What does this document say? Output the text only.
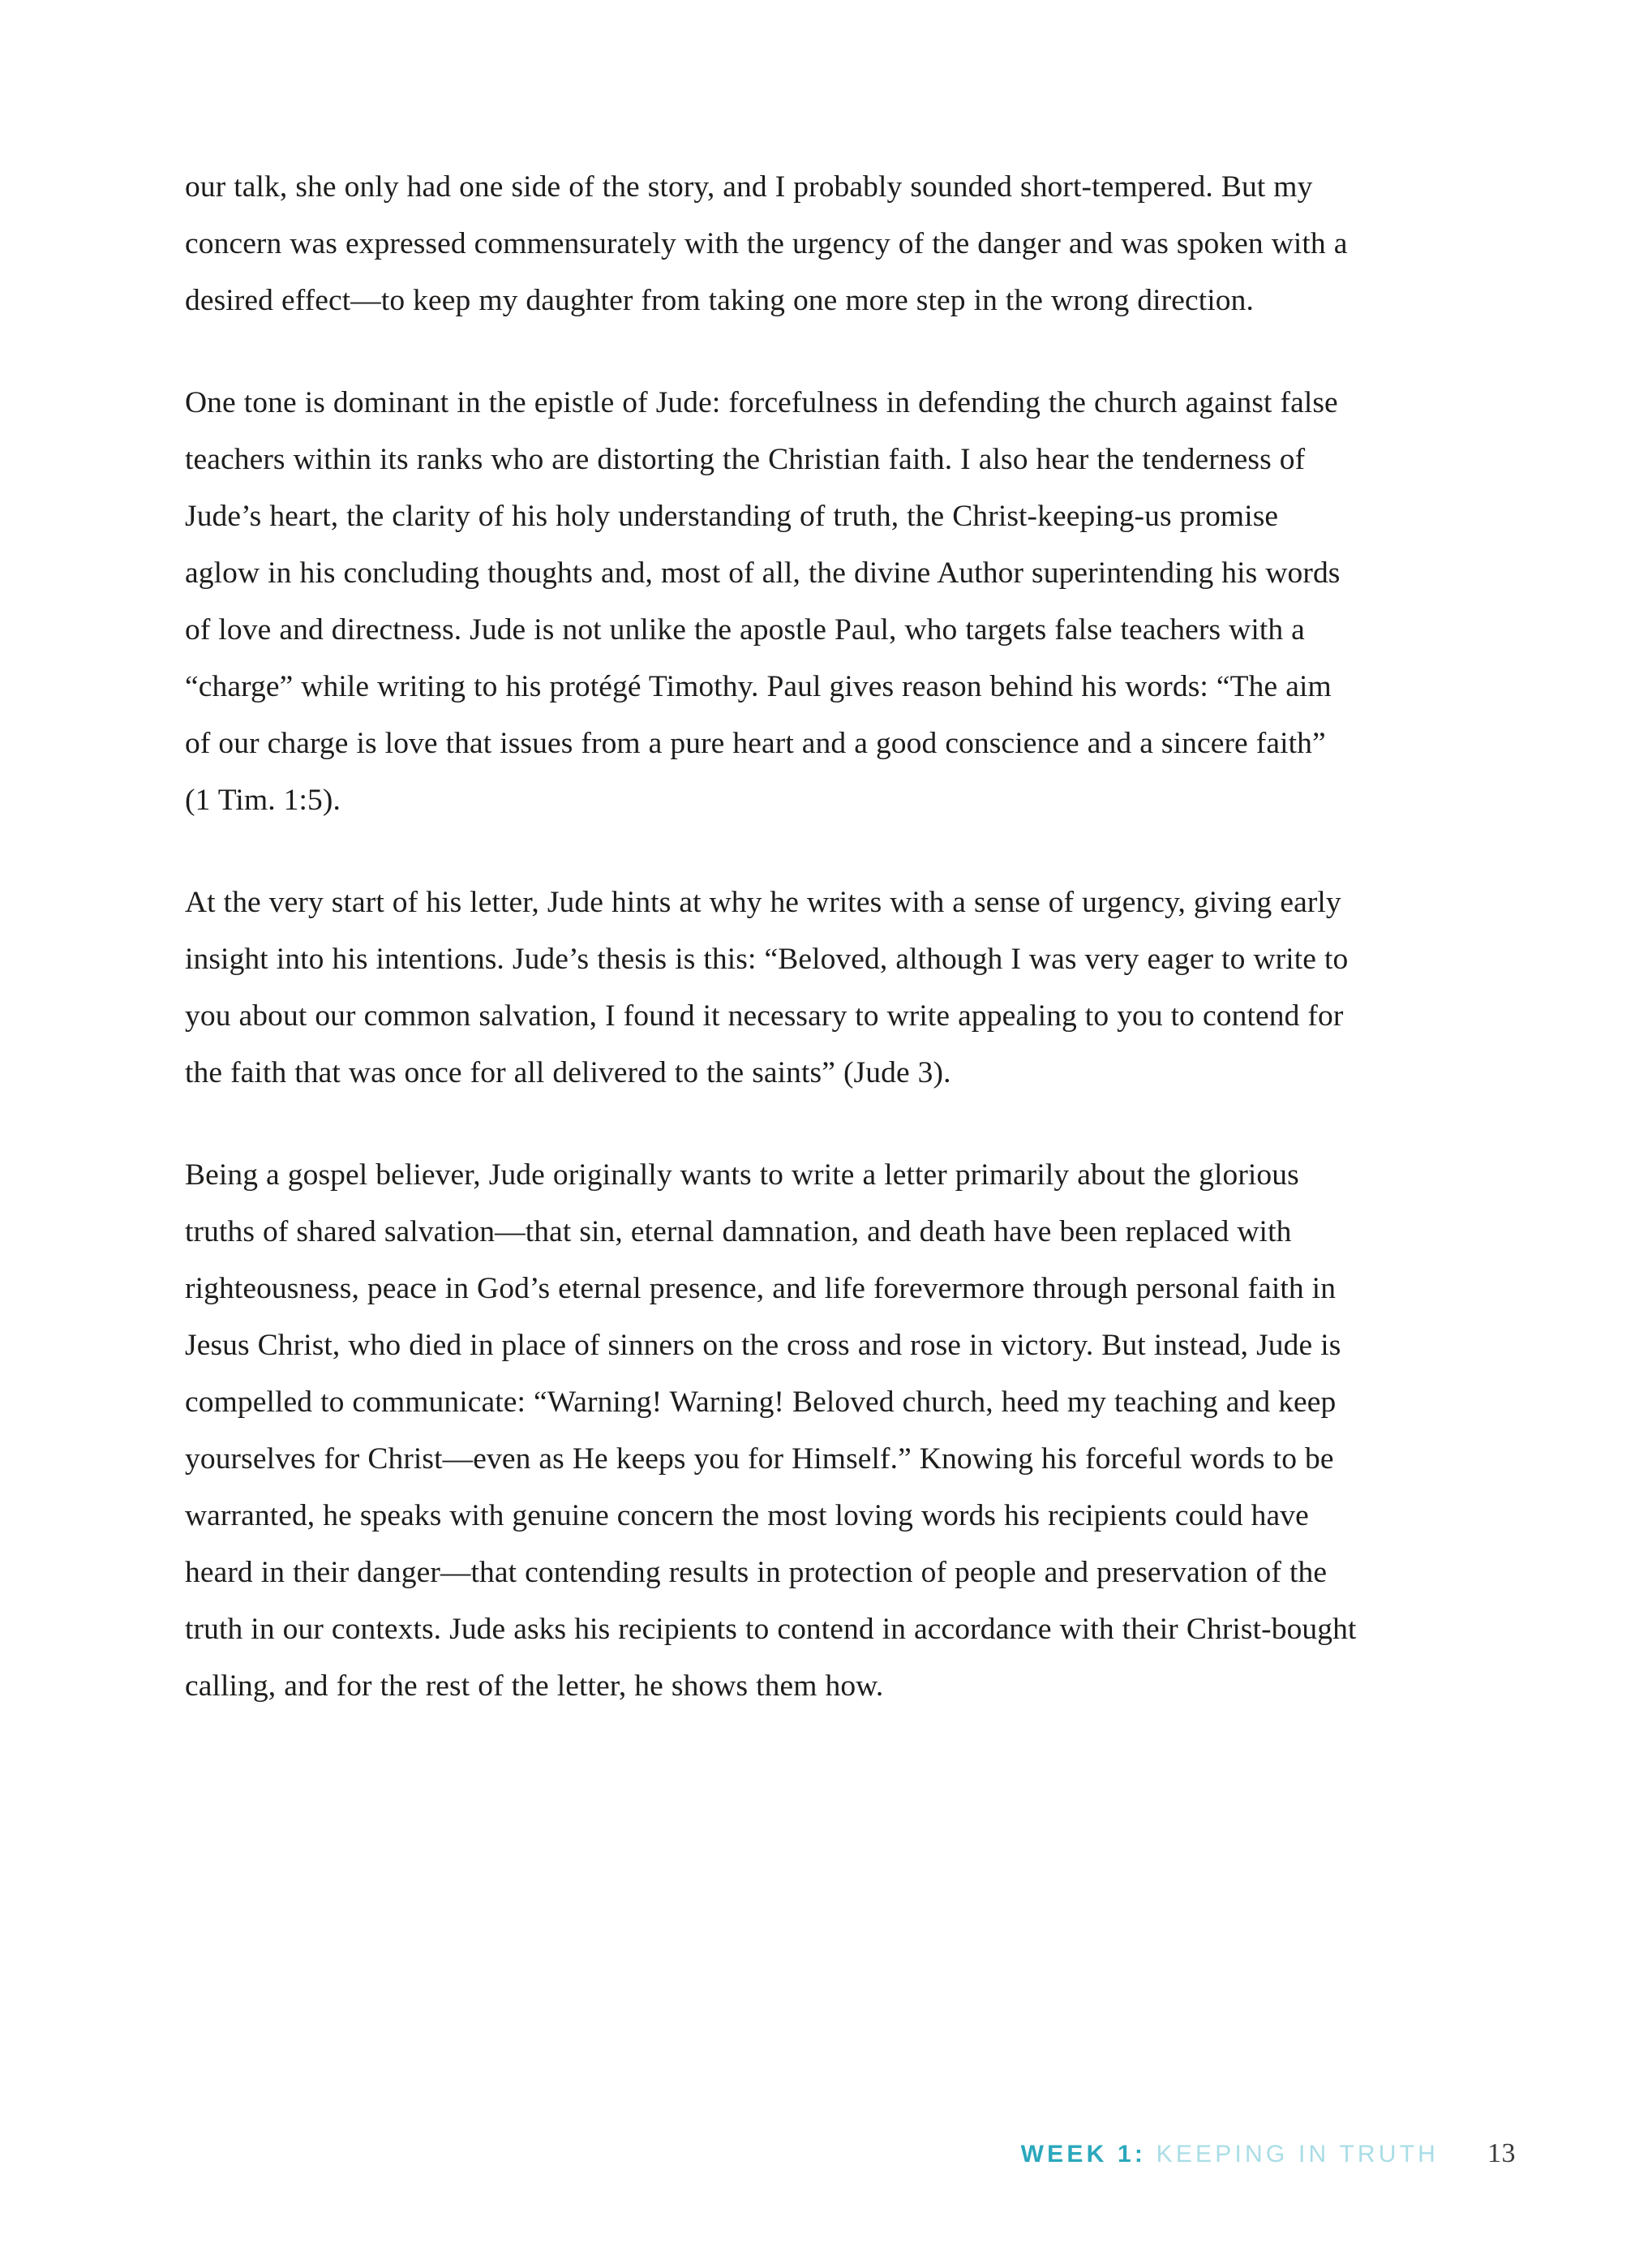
our talk, she only had one side of the story, and I probably sounded short-tempered. But my concern was expressed commensurately with the urgency of the danger and was spoken with a desired effect—to keep my daughter from taking one more step in the wrong direction.

One tone is dominant in the epistle of Jude: forcefulness in defending the church against false teachers within its ranks who are distorting the Christian faith. I also hear the tenderness of Jude’s heart, the clarity of his holy understanding of truth, the Christ-keeping-us promise aglow in his concluding thoughts and, most of all, the divine Author superintending his words of love and directness. Jude is not unlike the apostle Paul, who targets false teachers with a “charge” while writing to his protégé Timothy. Paul gives reason behind his words: “The aim of our charge is love that issues from a pure heart and a good conscience and a sincere faith” (1 Tim. 1:5).

At the very start of his letter, Jude hints at why he writes with a sense of urgency, giving early insight into his intentions. Jude’s thesis is this: “Beloved, although I was very eager to write to you about our common salvation, I found it necessary to write appealing to you to contend for the faith that was once for all delivered to the saints” (Jude 3).

Being a gospel believer, Jude originally wants to write a letter primarily about the glorious truths of shared salvation—that sin, eternal damnation, and death have been replaced with righteousness, peace in God’s eternal presence, and life forevermore through personal faith in Jesus Christ, who died in place of sinners on the cross and rose in victory. But instead, Jude is compelled to communicate: “Warning! Warning! Beloved church, heed my teaching and keep yourselves for Christ—even as He keeps you for Himself.” Knowing his forceful words to be warranted, he speaks with genuine concern the most loving words his recipients could have heard in their danger—that contending results in protection of people and preservation of the truth in our contexts. Jude asks his recipients to contend in accordance with their Christ-bought calling, and for the rest of the letter, he shows them how.

WEEK 1: KEEPING IN TRUTH 13
